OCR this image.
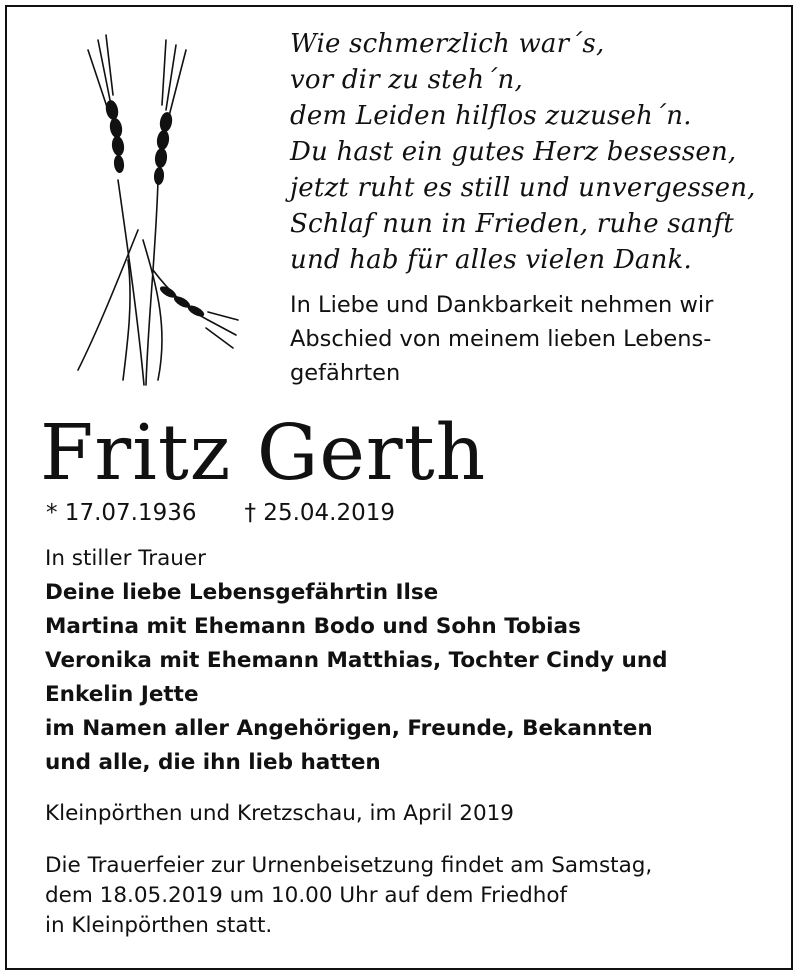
Wie schmerzlich war´s,
vor dir zu steh´n,
dem Leiden hilflos zuzuseh´n.
Du hast ein gutes Herz besessen,
jetzt ruht es still und unvergessen,
Schlaf nun in Frieden, ruhe sanft
und hab für alles vielen Dank.
In Liebe und Dankbarkeit nehmen wir
Abschied von meinem lieben Lebens-
gefährten
Fritz Gerth
* 17.07.1936 † 25.04.2019
In stiller Trauer
Deine liebe Lebensgefährtin Ilse
Martina mit Ehemann Bodo und Sohn Tobias
Veronika mit Ehemann Matthias, Tochter Cindy und
Enkelin Jette
im Namen aller Angehörigen, Freunde, Bekannten
und alle, die ihn lieb hatten
Kleinpörthen und Kretzschau, im April 2019
Die Trauerfeier zur Urnenbeisetzung findet am Samstag,
dem 18.05.2019 um 10.00 Uhr auf dem Friedhof
in Kleinpörthen statt.
